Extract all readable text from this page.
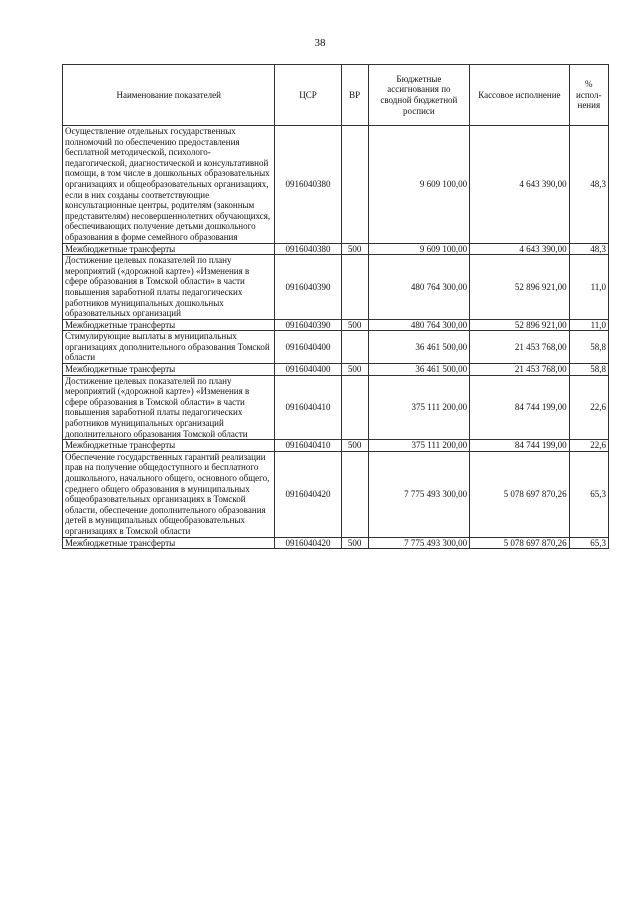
38
Наименование показателей	ЦСР	ВР	Бюджетные ассигнования по сводной бюджетной росписи	Кассовое исполнение	% испол-нения
Осуществление отдельных государственных полномочий по обеспечению предоставления бесплатной методической, психолого-педагогической, диагностической и консультативной помощи, в том числе в дошкольных образовательных организациях и общеобразовательных организациях, если в них созданы соответствующие консультационные центры, родителям (законным представителям) несовершеннолетних обучающихся, обеспечивающих получение детьми дошкольного образования в форме семейного образования	0916040380		9 609 100,00	4 643 390,00	48,3
Межбюджетные трансферты	0916040380	500	9 609 100,00	4 643 390,00	48,3
Достижение целевых показателей по плану мероприятий («дорожной карте») «Изменения в сфере образования в Томской области» в части повышения заработной платы педагогических работников муниципальных дошкольных образовательных организаций	0916040390		480 764 300,00	52 896 921,00	11,0
Межбюджетные трансферты	0916040390	500	480 764 300,00	52 896 921,00	11,0
Стимулирующие выплаты в муниципальных организациях дополнительного образования Томской области	0916040400		36 461 500,00	21 453 768,00	58,8
Межбюджетные трансферты	0916040400	500	36 461 500,00	21 453 768,00	58,8
Достижение целевых показателей по плану мероприятий («дорожной карте») «Изменения в сфере образования в Томской области» в части повышения заработной платы педагогических работников муниципальных организаций дополнительного образования Томской области	0916040410		375 111 200,00	84 744 199,00	22,6
Межбюджетные трансферты	0916040410	500	375 111 200,00	84 744 199,00	22,6
Обеспечение государственных гарантий реализации прав на получение общедоступного и бесплатного дошкольного, начального общего, основного общего, среднего общего образования в муниципальных общеобразовательных организациях в Томской области, обеспечение дополнительного образования детей в муниципальных общеобразовательных организациях в Томской области	0916040420		7 775 493 300,00	5 078 697 870,26	65,3
Межбюджетные трансферты	0916040420	500	7 775 493 300,00	5 078 697 870,26	65,3
